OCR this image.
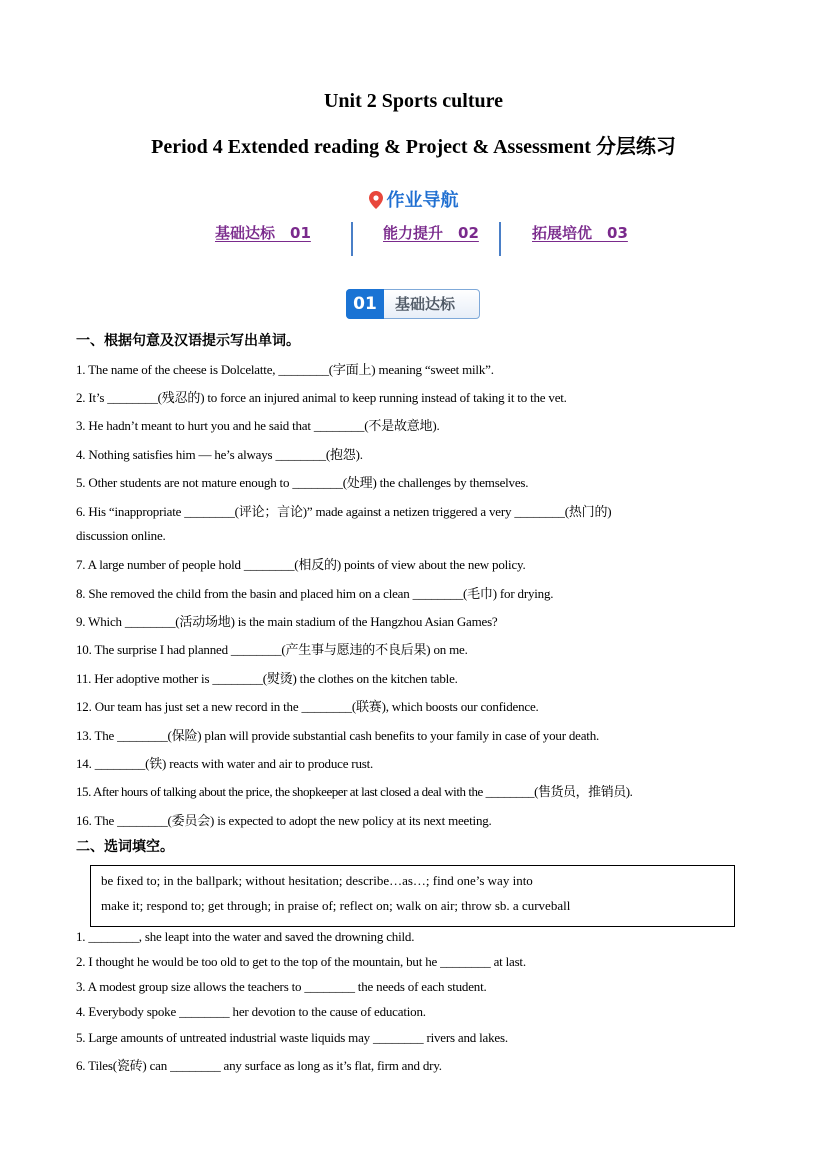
Unit 2 Sports culture
Period 4 Extended reading & Project & Assessment 分层练习
作业导航
基础达标　01	能力提升　02	拓展培优　03
01	基础达标
一、根据句意及汉语提示写出单词。
1. The name of the cheese is Dolcelatte, ________(字面上) meaning “sweet milk”.
2. It’s ________(残忍的) to force an injured animal to keep running instead of taking it to the vet.
3. He hadn’t meant to hurt you and he said that ________(不是故意地).
4. Nothing satisfies him — he’s always ________(抱怨).
5. Other students are not mature enough to ________(处理) the challenges by themselves.
6. His “inappropriate ________(评论；言论)” made against a netizen triggered a very ________(热门的)
discussion online.
7. A large number of people hold ________(相反的) points of view about the new policy.
8. She removed the child from the basin and placed him on a clean ________(毛巾) for drying.
9. Which ________(活动场地) is the main stadium of the Hangzhou Asian Games?
10. The surprise I had planned ________(产生事与愿违的不良后果) on me.
11. Her adoptive mother is ________(熨烫) the clothes on the kitchen table.
12. Our team has just set a new record in the ________(联赛), which boosts our confidence.
13. The ________(保险) plan will provide substantial cash benefits to your family in case of your death.
14. ________(铁) reacts with water and air to produce rust.
15. After hours of talking about the price, the shopkeeper at last closed a deal with the ________(售货员，推销员).
16. The ________(委员会) is expected to adopt the new policy at its next meeting.
二、选词填空。
be fixed to; in the ballpark; without hesitation; describe…as…; find one’s way into
make it; respond to; get through; in praise of; reflect on; walk on air; throw sb. a curveball
1. ________, she leapt into the water and saved the drowning child.
2. I thought he would be too old to get to the top of the mountain, but he ________ at last.
3. A modest group size allows the teachers to ________ the needs of each student.
4. Everybody spoke ________ her devotion to the cause of education.
5. Large amounts of untreated industrial waste liquids may ________ rivers and lakes.
6. Tiles(瓷砖) can ________ any surface as long as it’s flat, firm and dry.
